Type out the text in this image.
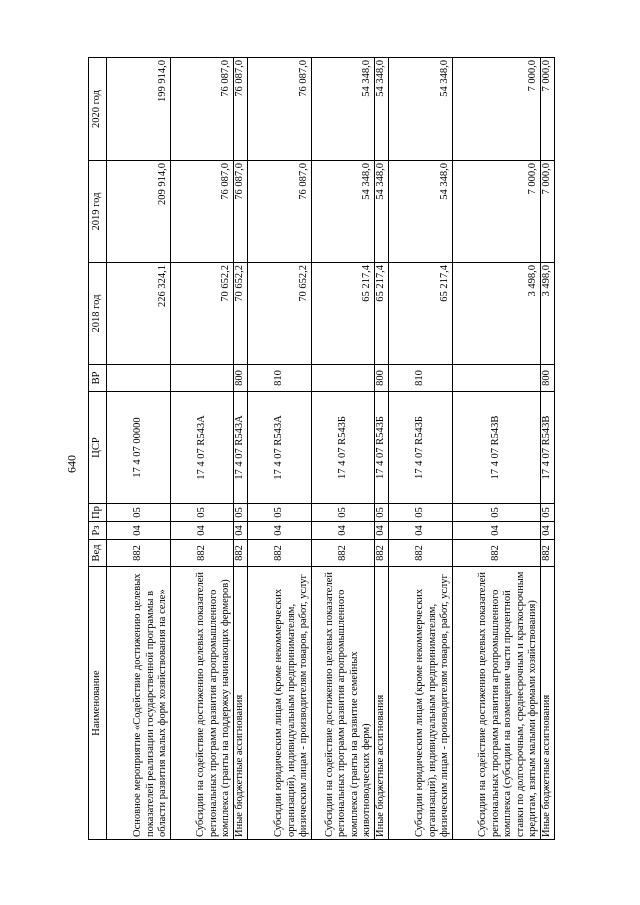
640
Наименование	Вед	Рз	Пр	ЦСР	ВР	2018 год	2019 год	2020 год
Основное мероприятие «Содействие достижению целевых показателей реализации государственной программы в области развития малых форм хозяйствования на селе»	882	04	05	17 4 07 00000		226 324,1	209 914,0	199 914,0
Субсидии на содействие достижению целевых показателей региональных программ развития агропромышленного комплекса (гранты на поддержку начинающих фермеров)	882	04	05	17 4 07 R543А		70 652,2	76 087,0	76 087,0
Иные бюджетные ассигнования	882	04	05	17 4 07 R543А	800	70 652,2	76 087,0	76 087,0
Субсидии юридическим лицам (кроме некоммерческих организаций), индивидуальным предпринимателям, физическим лицам - производителям товаров, работ, услуг	882	04	05	17 4 07 R543А	810	70 652,2	76 087,0	76 087,0
Субсидии на содействие достижению целевых показателей региональных программ развития агропромышленного комплекса (гранты на развитие семейных животноводческих ферм)	882	04	05	17 4 07 R543Б		65 217,4	54 348,0	54 348,0
Иные бюджетные ассигнования	882	04	05	17 4 07 R543Б	800	65 217,4	54 348,0	54 348,0
Субсидии юридическим лицам (кроме некоммерческих организаций), индивидуальным предпринимателям, физическим лицам - производителям товаров, работ, услуг	882	04	05	17 4 07 R543Б	810	65 217,4	54 348,0	54 348,0
Субсидии на содействие достижению целевых показателей региональных программ развития агропромышленного комплекса (субсидии на возмещение части процентной ставки по долгосрочным, среднесрочным и краткосрочным кредитам, взятым малыми формами хозяйствования)	882	04	05	17 4 07 R543В		3 498,0	7 000,0	7 000,0
Иные бюджетные ассигнования	882	04	05	17 4 07 R543В	800	3 498,0	7 000,0	7 000,0
